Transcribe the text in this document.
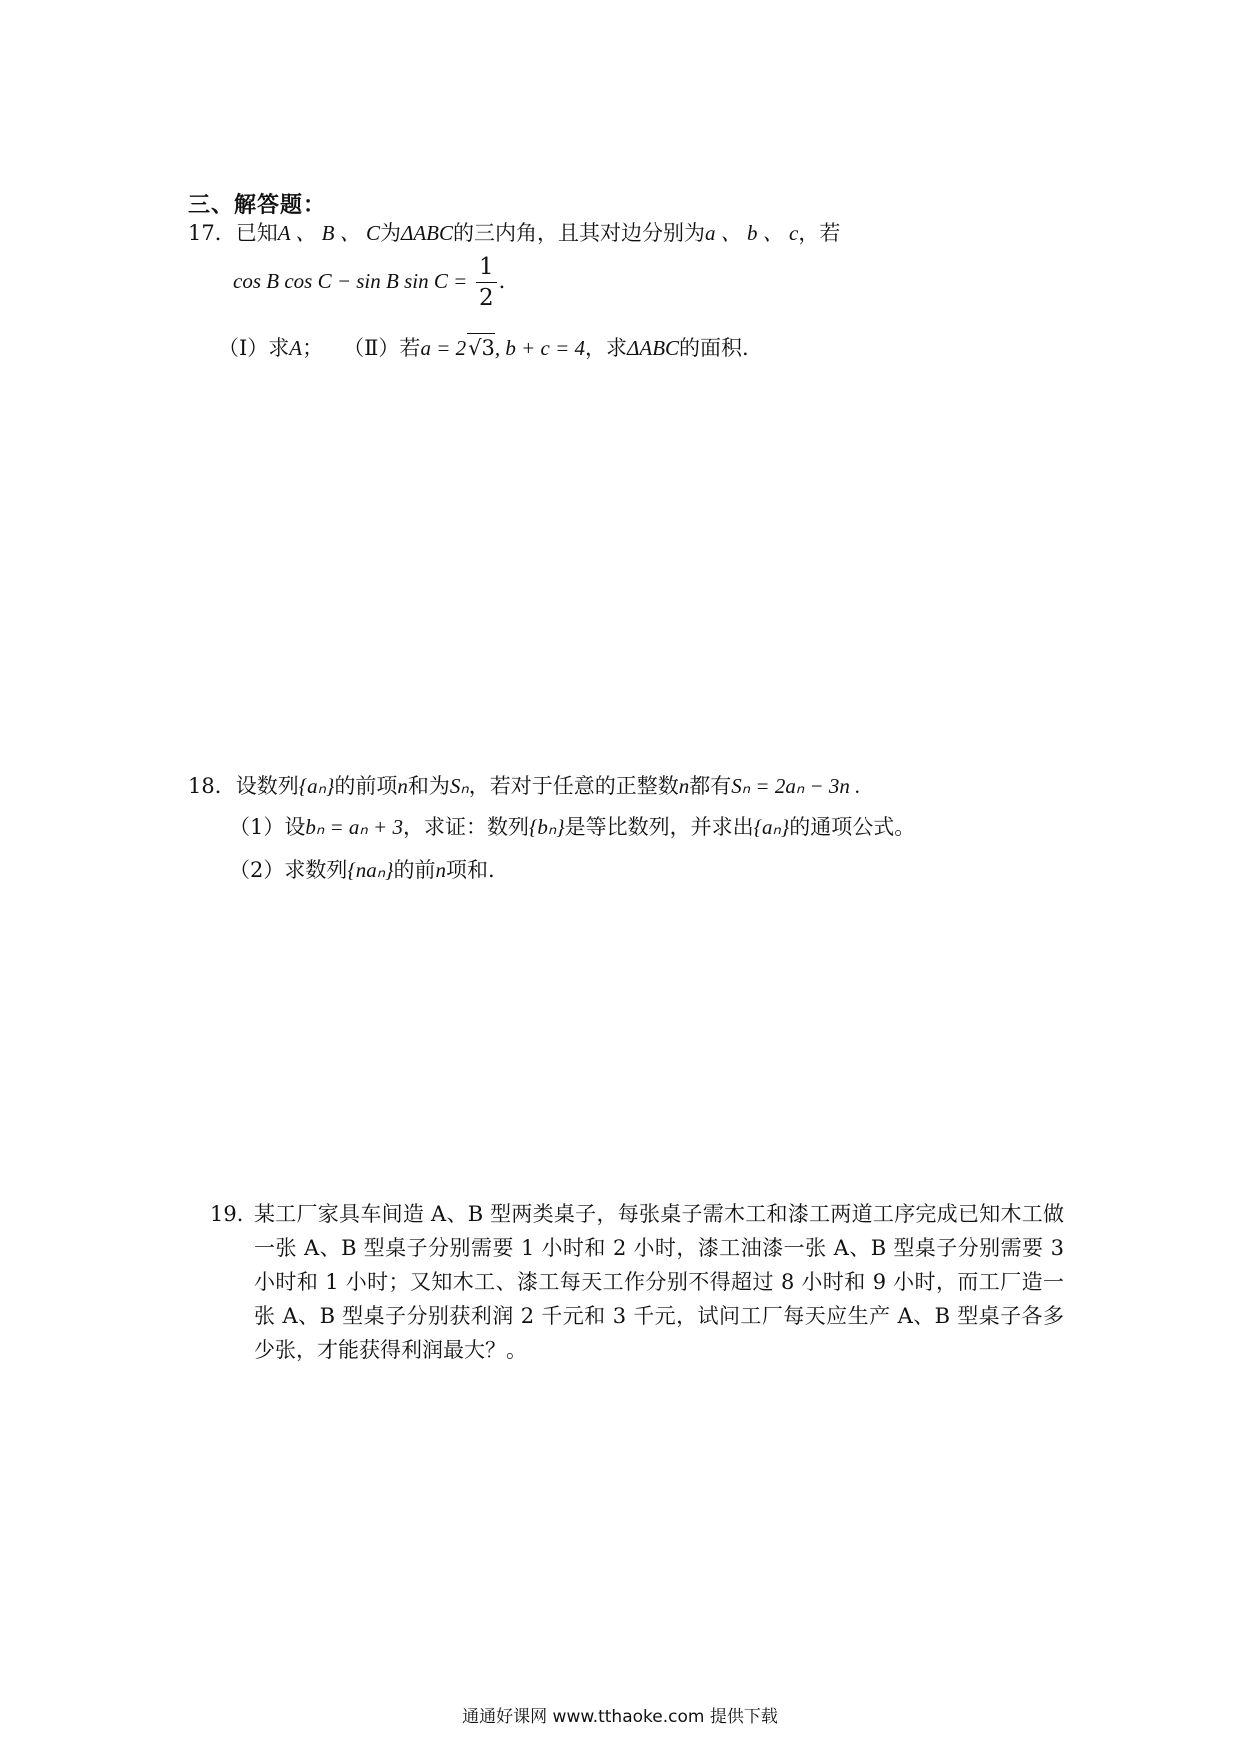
三、解答题：
17．已知A 、 B 、 C为ΔABC的三内角，且其对边分别为a 、 b 、 c，若
cos B cos C − sin B $\sin C = \frac{1}{2}$ .
（Ⅰ）求A； （Ⅱ）若a = 2√3, b + c = 4，求ΔABC的面积.
18．设数列{aₙ}的前项n和为Sₙ，若对于任意的正整数n都有Sₙ = 2aₙ − 3n .
（1）设bₙ = aₙ + 3，求证：数列{bₙ}是等比数列，并求出{aₙ}的通项公式。
（2）求数列{naₙ}的前n项和.
19．
某工厂家具车间造 A、B 型两类桌子，每张桌子需木工和漆工两道工序完成已知木工做一张 A、B 型桌子分别需要 1 小时和 2 小时，漆工油漆一张 A、B 型桌子分别需要 3 小时和 1 小时；又知木工、漆工每天工作分别不得超过 8 小时和 9 小时，而工厂造一张 A、B 型桌子分别获利润 2 千元和 3 千元，试问工厂每天应生产 A、B 型桌子各多少张，才能获得利润最大？。
通通好课网 www.tthaoke.com 提供下载
